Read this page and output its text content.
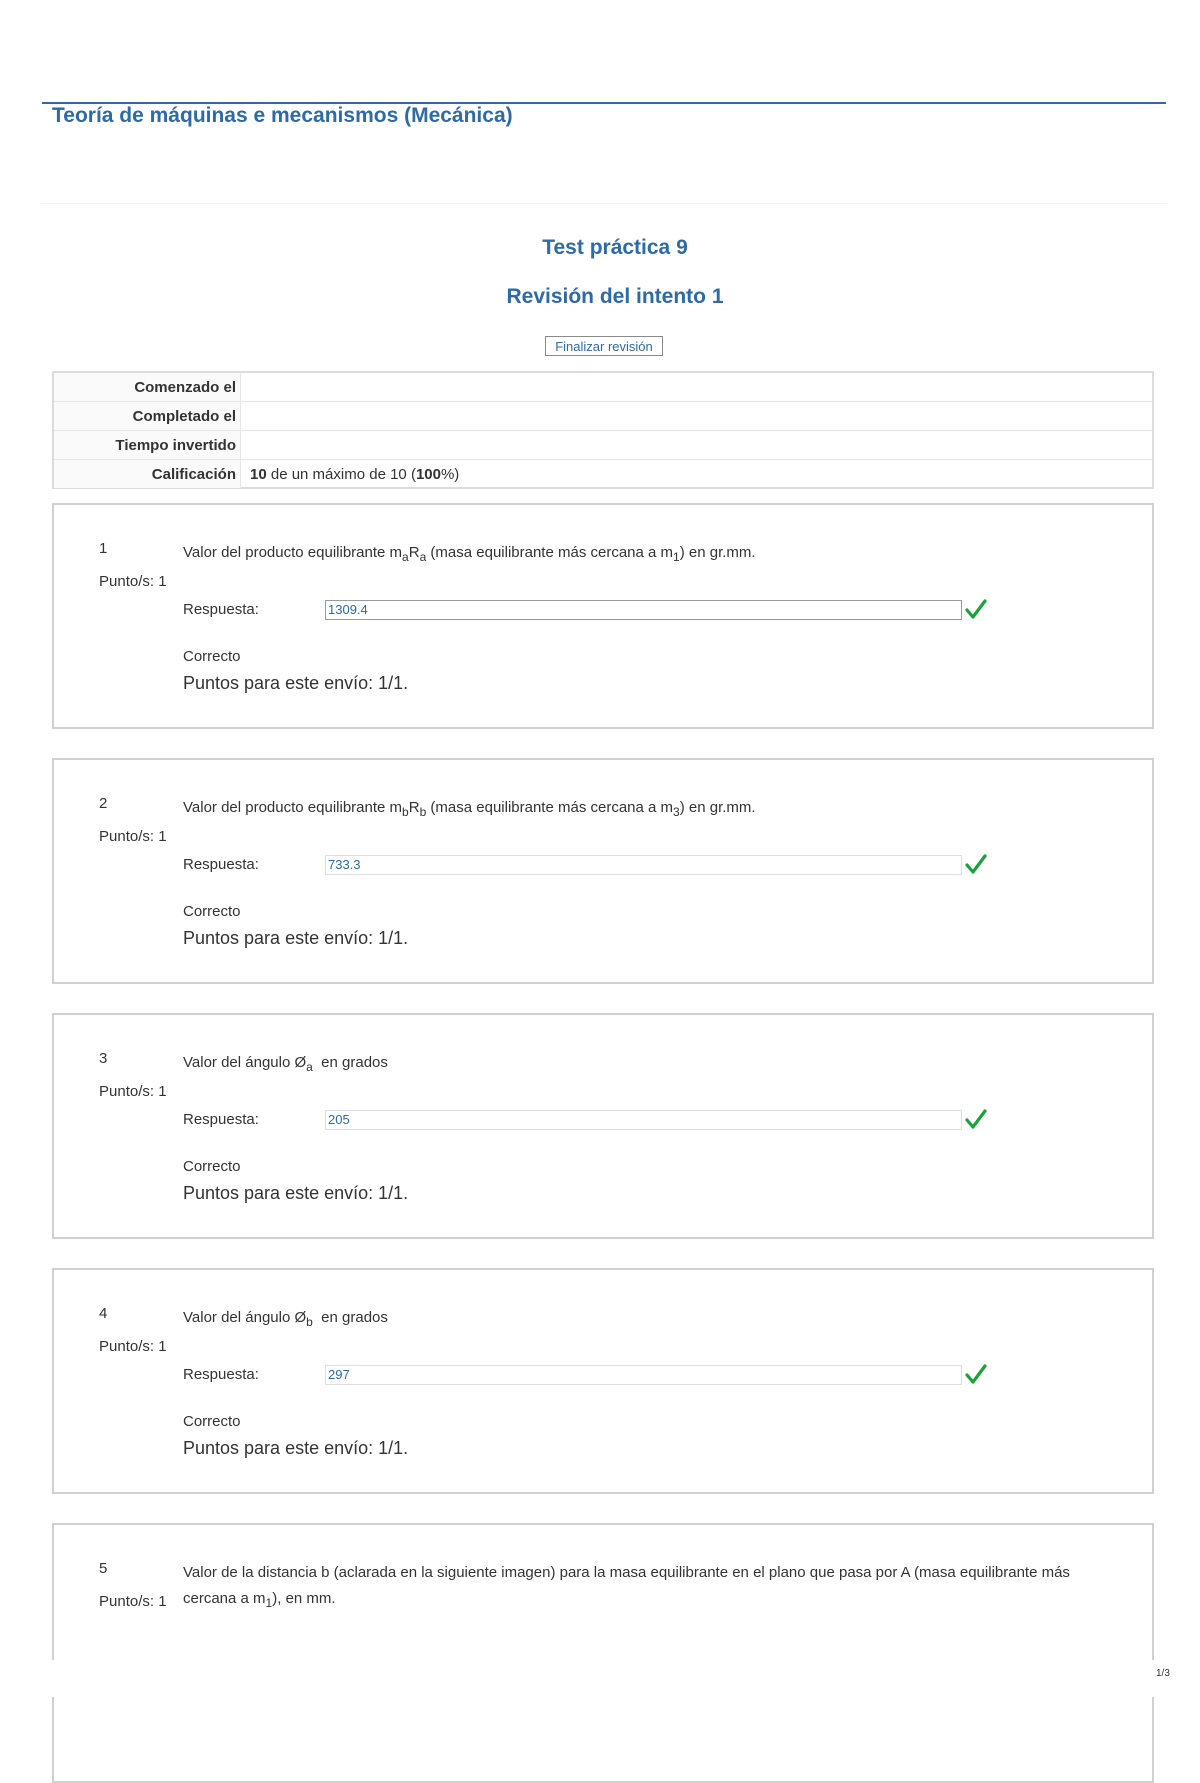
Teoría de máquinas e mecanismos (Mecánica)
Test práctica 9
Revisión del intento 1
Finalizar revisión
Comenzado el
Completado el
Tiempo invertido
Calificación 10 de un máximo de 10 (100%)
1
Punto/s: 1
Valor del producto equilibrante $m_aR_a$ (masa equilibrante más cercana a $m_1$) en gr.mm.
Respuesta:	1309.4
Correcto
Puntos para este envío: 1/1.
2
Punto/s: 1
Valor del producto equilibrante $m_bR_b$ (masa equilibrante más cercana a $m_3$) en gr.mm.
Respuesta:	733.3
Correcto
Puntos para este envío: 1/1.
3
Punto/s: 1
Valor del ángulo $Ø_a$  en grados
Respuesta:	205
Correcto
Puntos para este envío: 1/1.
4
Punto/s: 1
Valor del ángulo $Ø_b$  en grados
Respuesta:	297
Correcto
Puntos para este envío: 1/1.
5
Punto/s: 1
Valor de la distancia b (aclarada en la siguiente imagen) para la masa equilibrante en el plano que pasa por A (masa equilibrante más cercana a $m_1$), en mm.
1/3
